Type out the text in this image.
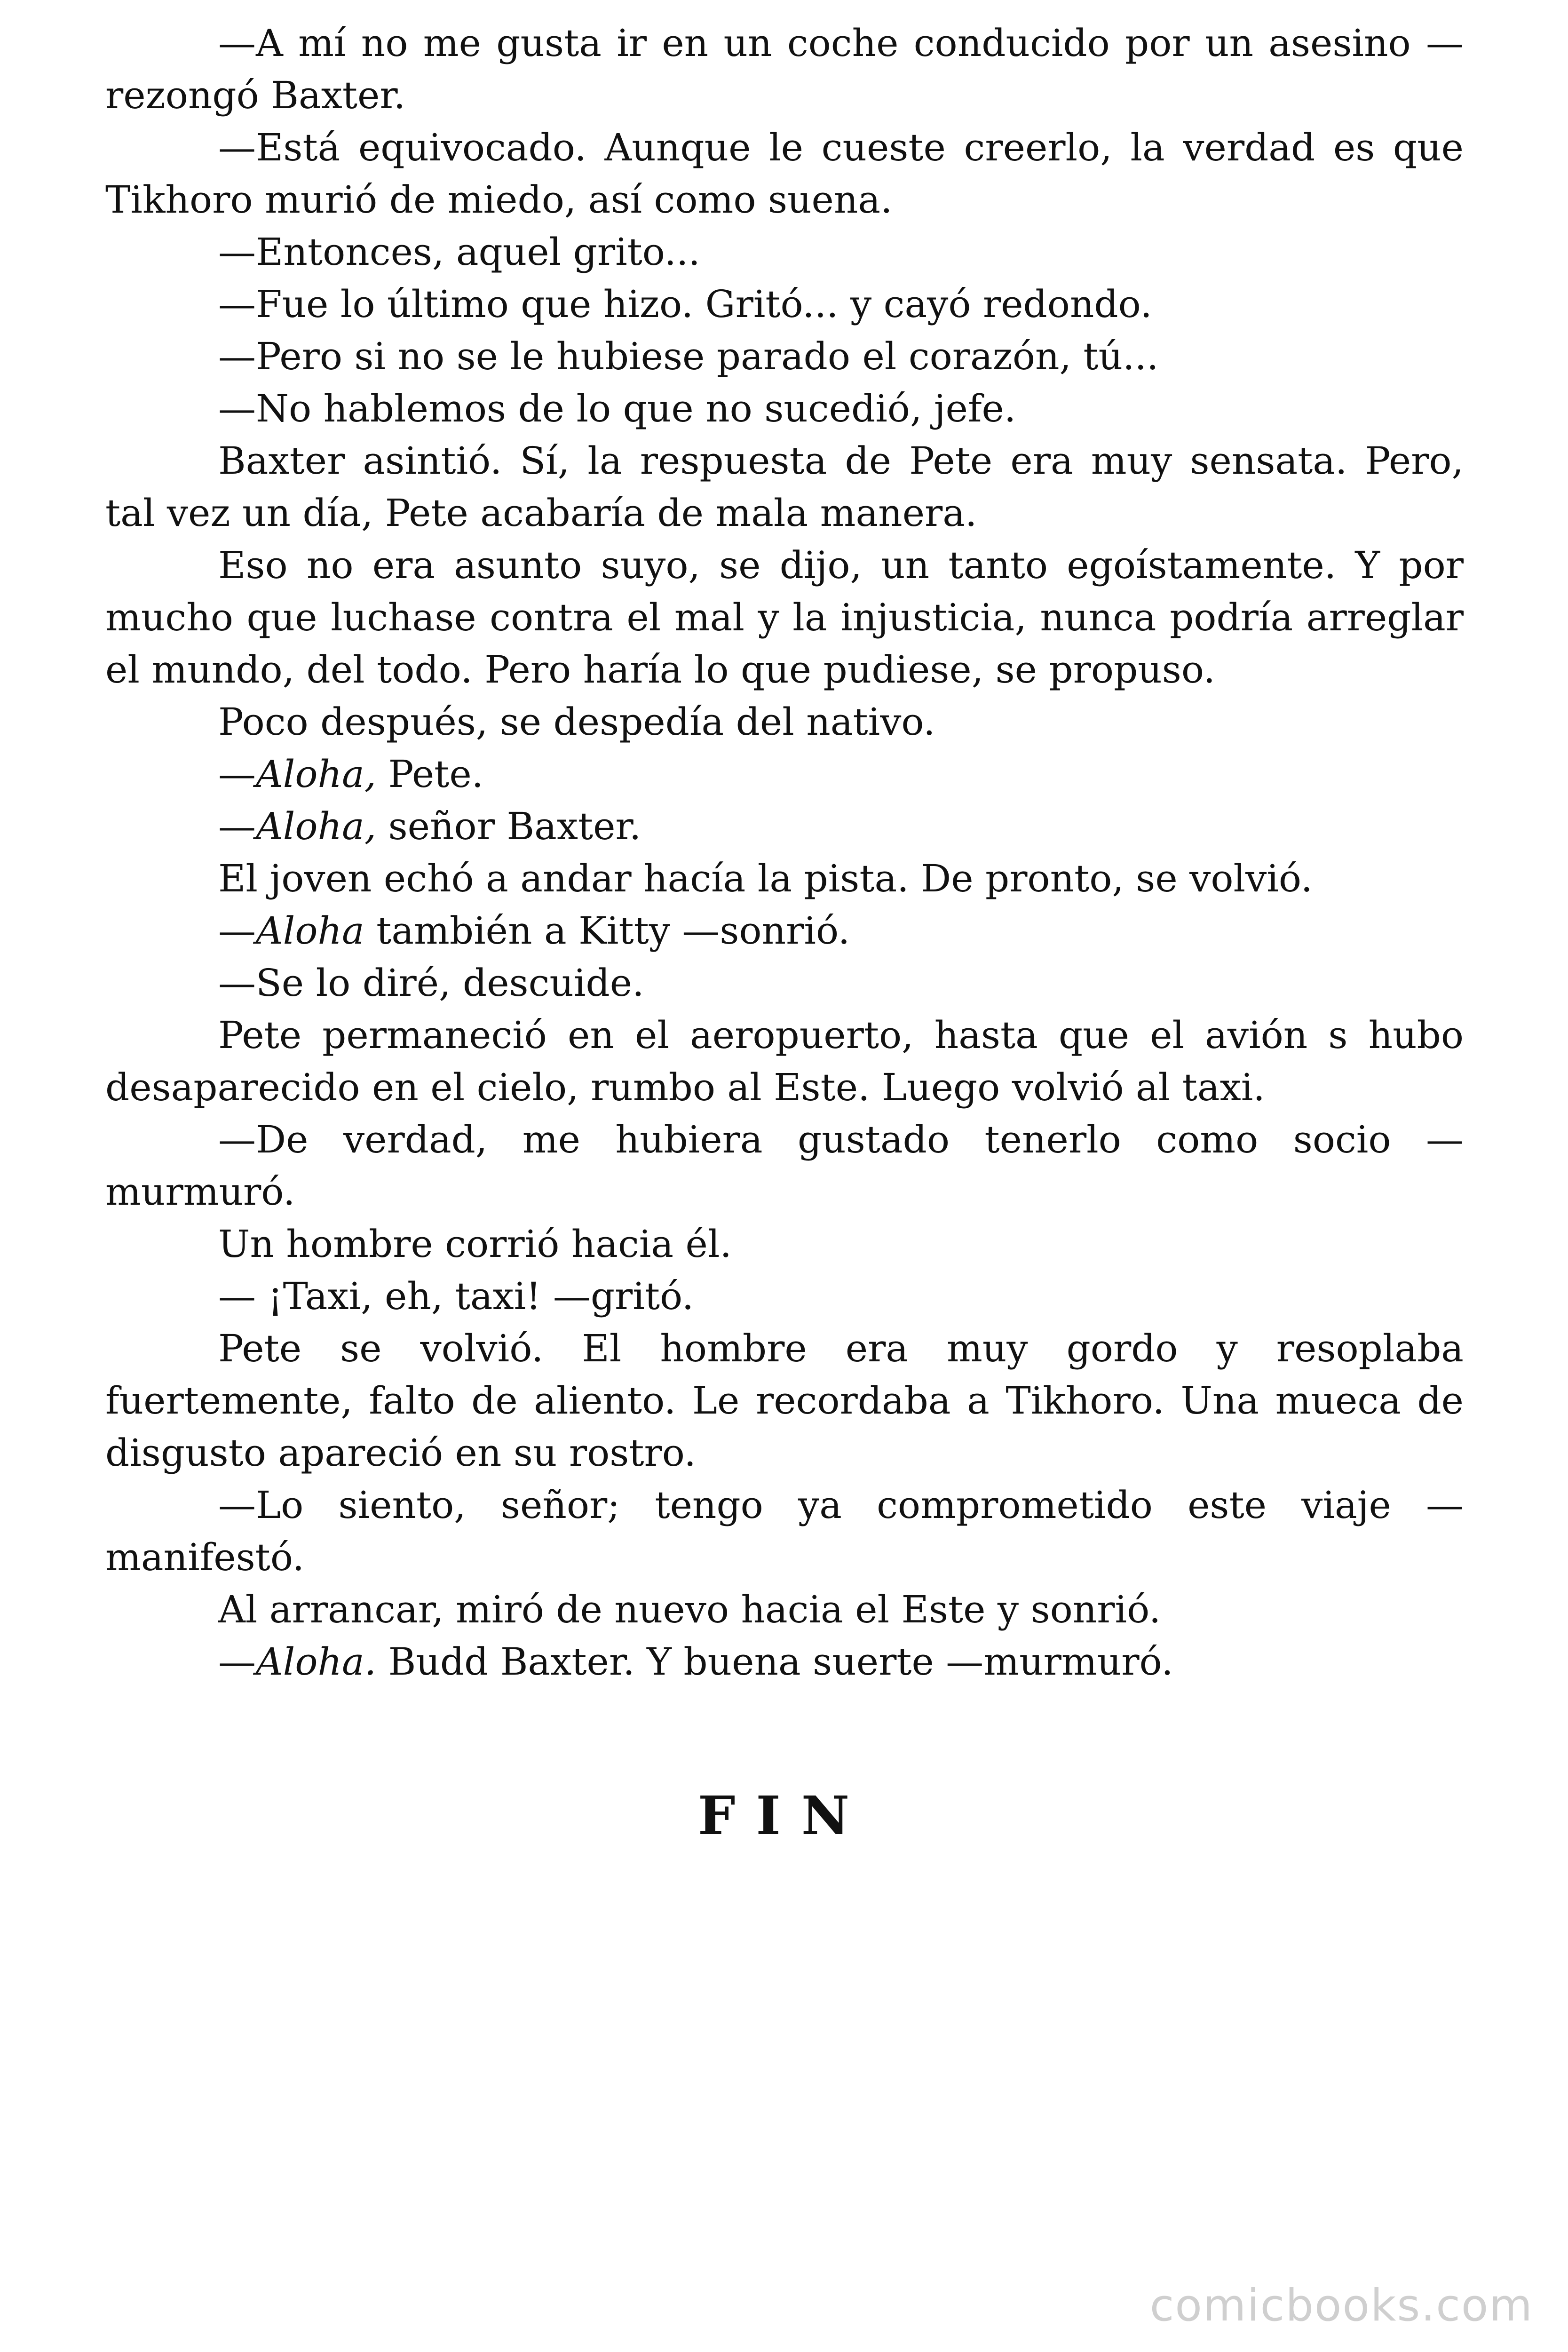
—A mí no me gusta ir en un coche conducido por un asesino —rezongó Baxter.

—Está equivocado. Aunque le cueste creerlo, la verdad es que Tikhoro murió de miedo, así como suena.

—Entonces, aquel grito...

—Fue lo último que hizo. Gritó... y cayó redondo.

—Pero si no se le hubiese parado el corazón, tú...

—No hablemos de lo que no sucedió, jefe.

Baxter asintió. Sí, la respuesta de Pete era muy sensata. Pero, tal vez un día, Pete acabaría de mala manera.

Eso no era asunto suyo, se dijo, un tanto egoístamente. Y por mucho que luchase contra el mal y la injusticia, nunca podría arreglar el mundo, del todo. Pero haría lo que pudiese, se propuso.

Poco después, se despedía del nativo.

—Aloha, Pete.

—Aloha, señor Baxter.

El joven echó a andar hacía la pista. De pronto, se volvió.

—Aloha también a Kitty —sonrió.

—Se lo diré, descuide.

Pete permaneció en el aeropuerto, hasta que el avión s hubo desaparecido en el cielo, rumbo al Este. Luego volvió al taxi.

—De verdad, me hubiera gustado tenerlo como socio —murmuró.

Un hombre corrió hacia él.

— ¡Taxi, eh, taxi! —gritó.

Pete se volvió. El hombre era muy gordo y resoplaba fuertemente, falto de aliento. Le recordaba a Tikhoro. Una mueca de disgusto apareció en su rostro.

—Lo siento, señor; tengo ya comprometido este viaje —manifestó.

Al arrancar, miró de nuevo hacia el Este y sonrió.

—Aloha. Budd Baxter. Y buena suerte —murmuró.

FIN
comicbooks.com
